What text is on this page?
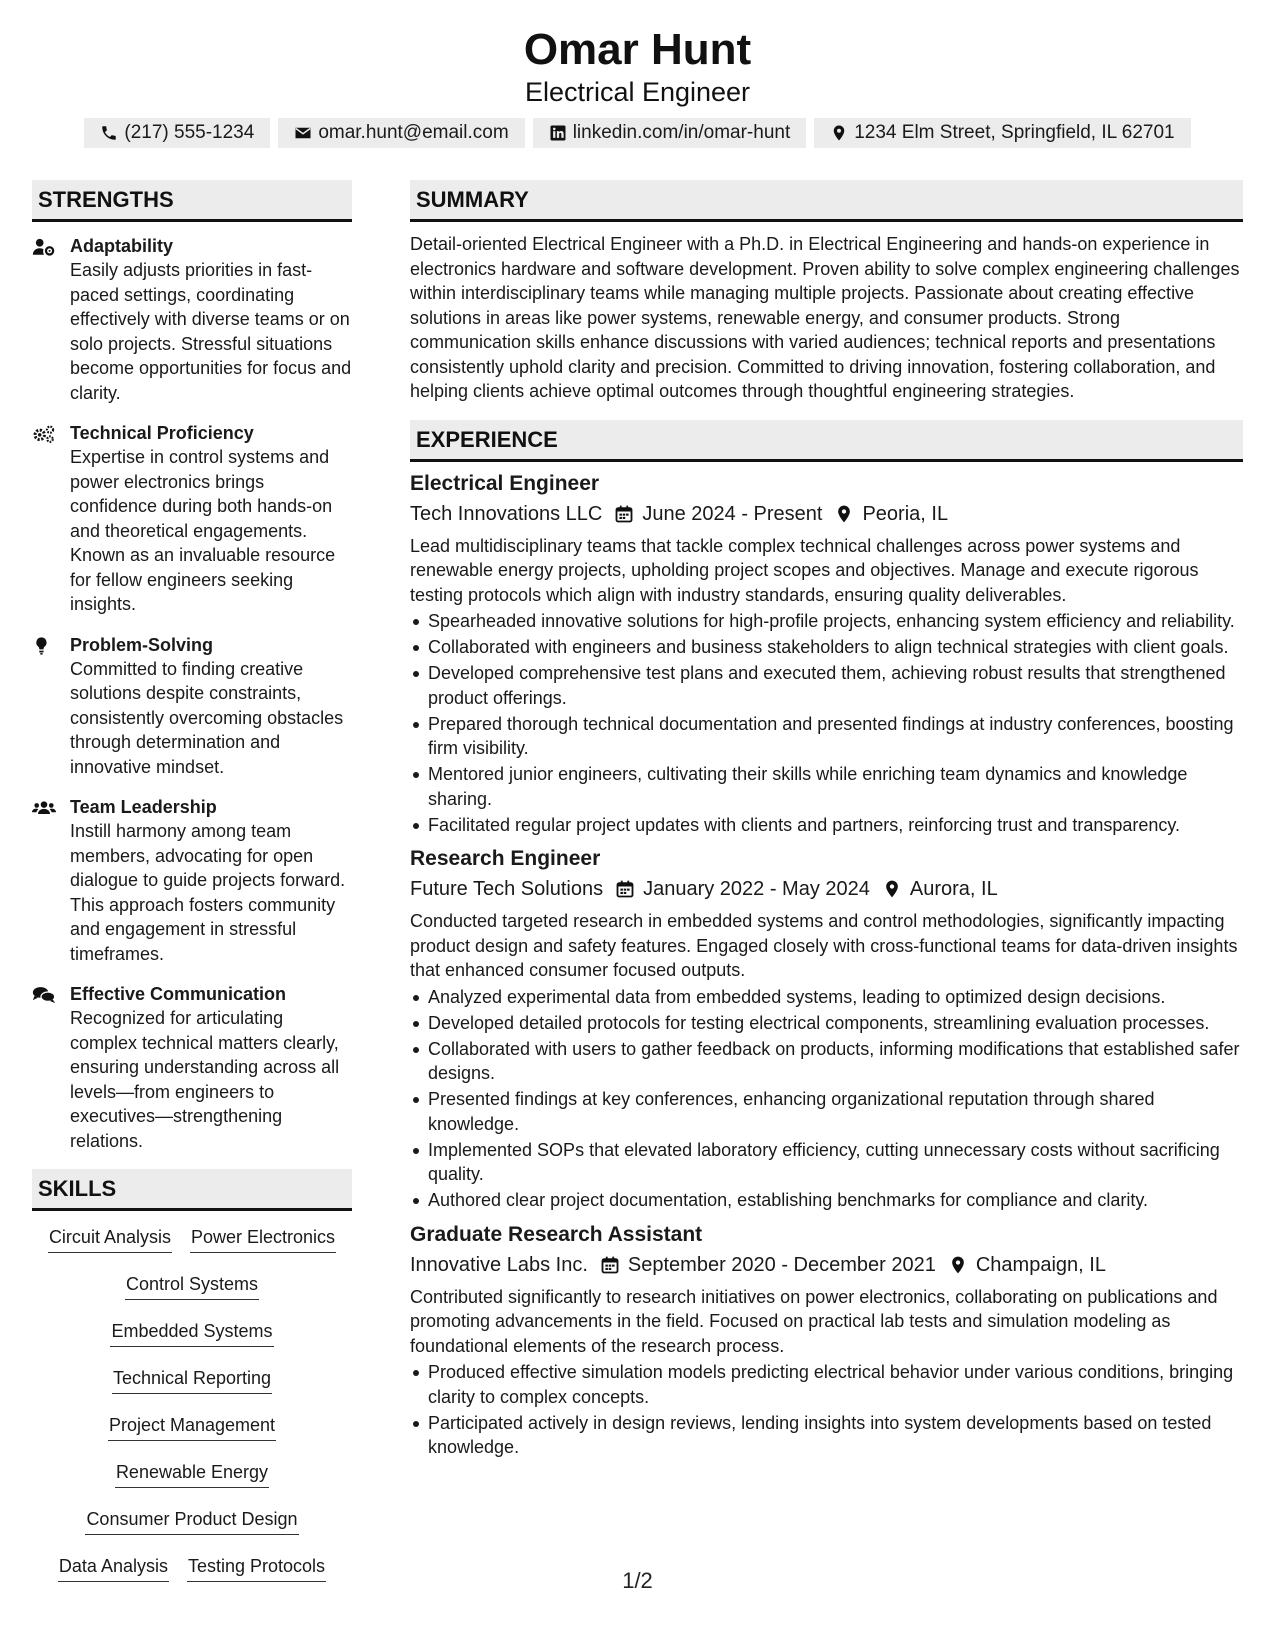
Omar Hunt
Electrical Engineer
(217) 555-1234	omar.hunt@email.com	linkedin.com/in/omar-hunt	1234 Elm Street, Springfield, IL 62701
STRENGTHS
Adaptability
Easily adjusts priorities in fast-paced settings, coordinating effectively with diverse teams or on solo projects. Stressful situations become opportunities for focus and clarity.
Technical Proficiency
Expertise in control systems and power electronics brings confidence during both hands-on and theoretical engagements. Known as an invaluable resource for fellow engineers seeking insights.
Problem-Solving
Committed to finding creative solutions despite constraints, consistently overcoming obstacles through determination and innovative mindset.
Team Leadership
Instill harmony among team members, advocating for open dialogue to guide projects forward. This approach fosters community and engagement in stressful timeframes.
Effective Communication
Recognized for articulating complex technical matters clearly, ensuring understanding across all levels—from engineers to executives—strengthening relations.
SKILLS
Circuit Analysis Power Electronics
Control Systems
Embedded Systems
Technical Reporting
Project Management
Renewable Energy
Consumer Product Design
Data Analysis Testing Protocols
SUMMARY
Detail-oriented Electrical Engineer with a Ph.D. in Electrical Engineering and hands-on experience in electronics hardware and software development. Proven ability to solve complex engineering challenges within interdisciplinary teams while managing multiple projects. Passionate about creating effective solutions in areas like power systems, renewable energy, and consumer products. Strong communication skills enhance discussions with varied audiences; technical reports and presentations consistently uphold clarity and precision. Committed to driving innovation, fostering collaboration, and helping clients achieve optimal outcomes through thoughtful engineering strategies.
EXPERIENCE
Electrical Engineer
Tech Innovations LLC June 2024 - Present Peoria, IL
Lead multidisciplinary teams that tackle complex technical challenges across power systems and renewable energy projects, upholding project scopes and objectives. Manage and execute rigorous testing protocols which align with industry standards, ensuring quality deliverables.
Spearheaded innovative solutions for high-profile projects, enhancing system efficiency and reliability.
Collaborated with engineers and business stakeholders to align technical strategies with client goals.
Developed comprehensive test plans and executed them, achieving robust results that strengthened product offerings.
Prepared thorough technical documentation and presented findings at industry conferences, boosting firm visibility.
Mentored junior engineers, cultivating their skills while enriching team dynamics and knowledge sharing.
Facilitated regular project updates with clients and partners, reinforcing trust and transparency.
Research Engineer
Future Tech Solutions January 2022 - May 2024 Aurora, IL
Conducted targeted research in embedded systems and control methodologies, significantly impacting product design and safety features. Engaged closely with cross-functional teams for data-driven insights that enhanced consumer focused outputs.
Analyzed experimental data from embedded systems, leading to optimized design decisions.
Developed detailed protocols for testing electrical components, streamlining evaluation processes.
Collaborated with users to gather feedback on products, informing modifications that established safer designs.
Presented findings at key conferences, enhancing organizational reputation through shared knowledge.
Implemented SOPs that elevated laboratory efficiency, cutting unnecessary costs without sacrificing quality.
Authored clear project documentation, establishing benchmarks for compliance and clarity.
Graduate Research Assistant
Innovative Labs Inc. September 2020 - December 2021 Champaign, IL
Contributed significantly to research initiatives on power electronics, collaborating on publications and promoting advancements in the field. Focused on practical lab tests and simulation modeling as foundational elements of the research process.
Produced effective simulation models predicting electrical behavior under various conditions, bringing clarity to complex concepts.
Participated actively in design reviews, lending insights into system developments based on tested knowledge.
1/2
